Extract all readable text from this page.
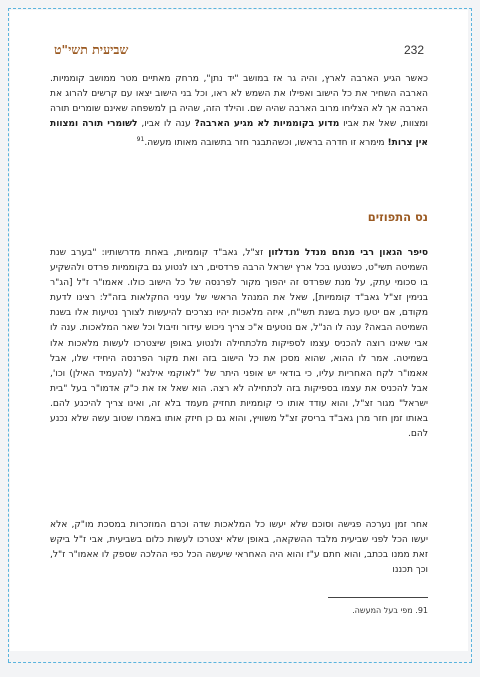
שביעית תשי"ט	232

כאשר הגיע הארבה לארץ, והיה גר אז במושב "יד נתן", מרחק מאתיים מטר ממושב קוממיות. הארבה השחיר את כל הישוב ואפילו את השמש לא ראו, וכל בני הישוב יצאו עם קרשים להרוג את הארבה אך לא הצליחו מרוב הארבה שהיה שם. והילד הזה, שהיה בן למשפחה שאינם שומרים תורה ומצוות, שאל את אביו מדוע בקוממיות לא מגיע הארבה? ענה לו אביו, לשומרי תורה ומצוות אין צרות! מימרא זו חדרה בראשו, וכשהתבגר חזר בתשובה מאותו מעשה.$^{91}$

נס התפוזים

סיפר הגאון רבי מנחם מנדל מנדלזון זצ"ל, גאב"ד קוממיות, באחת מדרשותיו: "בערב שנת השמיטה תשי"ט, כשנטעו בכל ארץ ישראל הרבה פרדסים, רצו לנטוע גם בקוממיות פרדס ולהשקיע בו סכומי עתק, על מנת שפרדס זה יהפוך מקור לפרנסה של כל הישוב כולו. אאמו"ר ז"ל [הג"ר בנימין זצ"ל גאב"ד קוממיות], שאל את המנהל הראשי של עניני החקלאות בזה"ל: רצינו לדעת מקודם, אם יטעו כעת בשנת תשי"ח, איזה מלאכות יהיו נצרכים להיעשות לצורך נטיעות אלו בשנת השמיטה הבאה? ענה לו הנ"ל, אם נוטעים א"כ צריך ניכוש עידור וזיבול וכל שאר המלאכות. ענה לו אבי שאינו רוצה להכניס עצמו לספיקות מלכתחילה ולנטוע באופן שיצטרכו לעשות מלאכות אלו בשמיטה. אמר לו ההוא, שהוא מסכן את כל הישוב בזה ואת מקור הפרנסה היחידי שלו, אבל אאמו"ר לקח האחריות עליו, כי בודאי יש אופני היתר של "לאוקמי אילנא" (להעמיד האילן) וכו', אבל להכניס את עצמו בספיקות בזה לכתחילה לא רצה. הוא שאל אז את כ"ק אדמו"ר בעל "בית ישראל" מגור זצ"ל, והוא עודד אותו כי קוממיות תחזיק מעמד בלא זה, ואינו צריך להיכנע להם. באותו זמן חזר מרן גאב"ד בריסק זצ"ל משוויץ, והוא גם כן חיזק אותו באמרו שטוב עשה שלא נכנע להם.

אחר זמן נערכה פגישה וסוכם שלא יעשו כל המלאכות שדה וכרם המוזכרות במסכת מו"ק, אלא יעשו הכל לפני שביעית מלבד ההשקאה, באופן שלא יצטרכו לעשות כלום בשביעית, אבי ז"ל ביקש זאת ממנו בכתב, והוא חתם ע"ז והוא היה האחראי שיעשה הכל כפי ההלכה שספק לו אאמו"ר ז"ל, וכך תכננו

91. מפי בעל המעשה.
